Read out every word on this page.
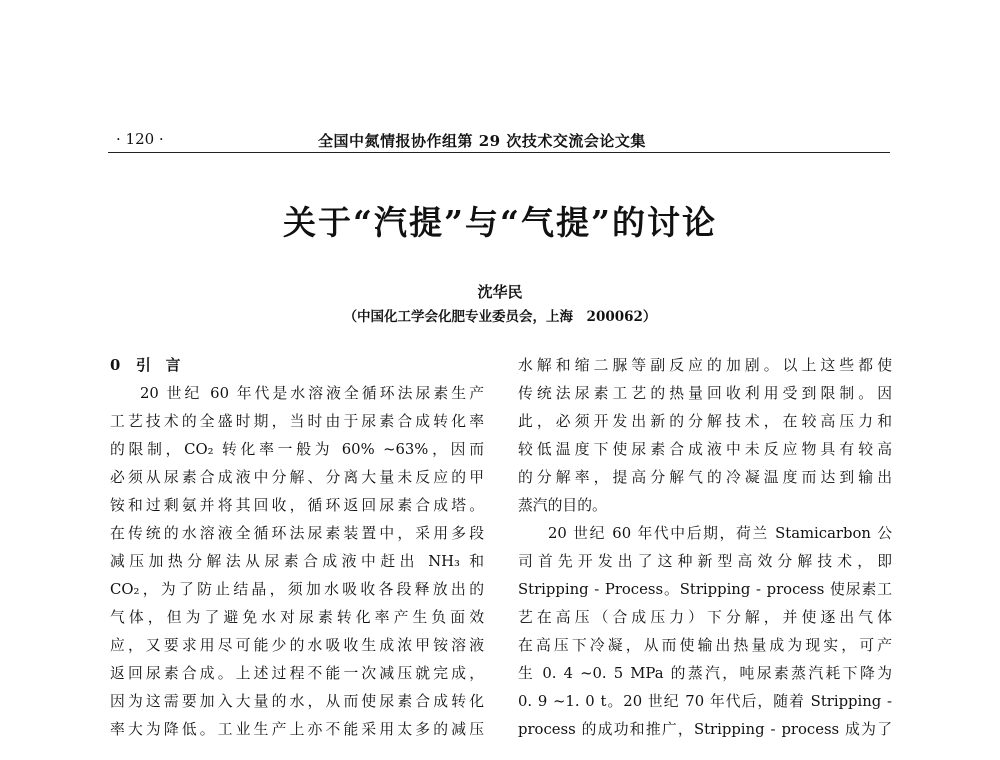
· 120 ·	全国中氮情报协作组第 29 次技术交流会论文集
关于“汽提”与“气提”的讨论
沈华民
（中国化工学会化肥专业委员会，上海　200062）
0 引　言
20 世纪 60 年代是水溶液全循环法尿素生产
工艺技术的全盛时期，当时由于尿素合成转化率
的限制，CO₂ 转化率一般为 60% ~63%，因而
必须从尿素合成液中分解、分离大量未反应的甲
铵和过剩氨并将其回收，循环返回尿素合成塔。
在传统的水溶液全循环法尿素装置中，采用多段
减压加热分解法从尿素合成液中赶出 NH₃ 和
CO₂，为了防止结晶，须加水吸收各段释放出的
气体，但为了避免水对尿素转化率产生负面效
应，又要求用尽可能少的水吸收生成浓甲铵溶液
返回尿素合成。上述过程不能一次减压就完成，
因为这需要加入大量的水，从而使尿素合成转化
率大为降低。工业生产上亦不能采用太多的减压
水解和缩二脲等副反应的加剧。以上这些都使
传统法尿素工艺的热量回收利用受到限制。因
此，必须开发出新的分解技术，在较高压力和
较低温度下使尿素合成液中未反应物具有较高
的分解率，提高分解气的冷凝温度而达到输出
蒸汽的目的。
20 世纪 60 年代中后期，荷兰 Stamicarbon 公
司首先开发出了这种新型高效分解技术，即
Stripping - Process。Stripping - process 使尿素工
艺在高压（合成压力）下分解，并使逐出气体
在高压下冷凝，从而使输出热量成为现实，可产
生 0. 4 ~0. 5 MPa 的蒸汽，吨尿素蒸汽耗下降为
0. 9 ~1. 0 t。20 世纪 70 年代后，随着 Stripping -
process 的成功和推广，Stripping - process 成为了
